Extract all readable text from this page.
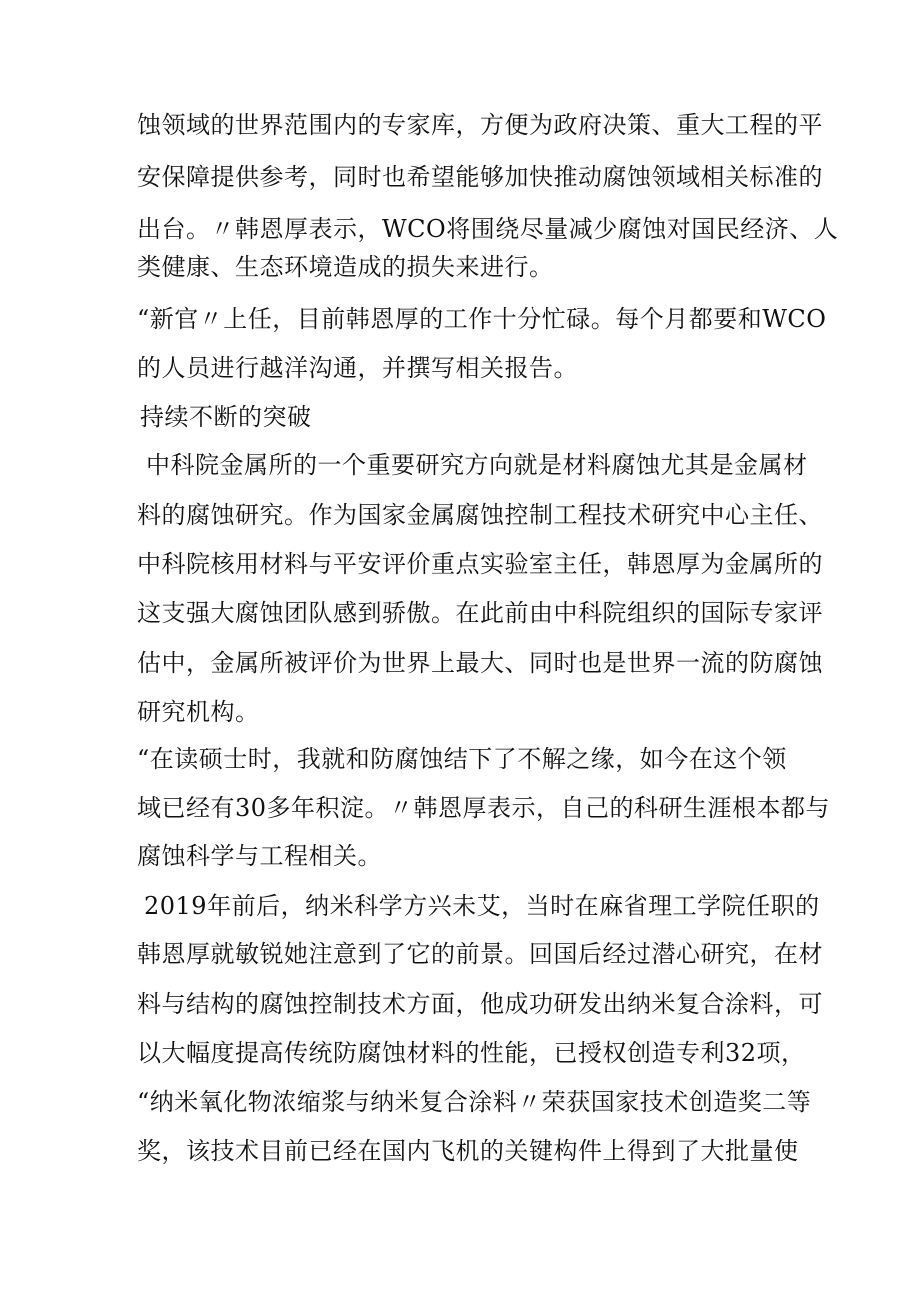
蚀领域的世界范围内的专家库，方便为政府决策、重大工程的平
安保障提供参考，同时也希望能够加快推动腐蚀领域相关标准的
出台。〃韩恩厚表示，WCO将围绕尽量减少腐蚀对国民经济、人
类健康、生态环境造成的损失来进行。
“新官〃上任，目前韩恩厚的工作十分忙碌。每个月都要和WCO
的人员进行越洋沟通，并撰写相关报告。
持续不断的突破
中科院金属所的一个重要研究方向就是材料腐蚀尤其是金属材
料的腐蚀研究。作为国家金属腐蚀控制工程技术研究中心主任、
中科院核用材料与平安评价重点实验室主任，韩恩厚为金属所的
这支强大腐蚀团队感到骄傲。在此前由中科院组织的国际专家评
估中，金属所被评价为世界上最大、同时也是世界一流的防腐蚀
研究机构。
“在读硕士时，我就和防腐蚀结下了不解之缘，如今在这个领
域已经有30多年积淀。〃韩恩厚表示，自己的科研生涯根本都与
腐蚀科学与工程相关。
2019年前后，纳米科学方兴未艾，当时在麻省理工学院任职的
韩恩厚就敏锐她注意到了它的前景。回国后经过潜心研究，在材
料与结构的腐蚀控制技术方面，他成功研发出纳米复合涂料，可
以大幅度提高传统防腐蚀材料的性能，已授权创造专利32项，
“纳米氧化物浓缩浆与纳米复合涂料〃荣获国家技术创造奖二等
奖，该技术目前已经在国内飞机的关键构件上得到了大批量使
